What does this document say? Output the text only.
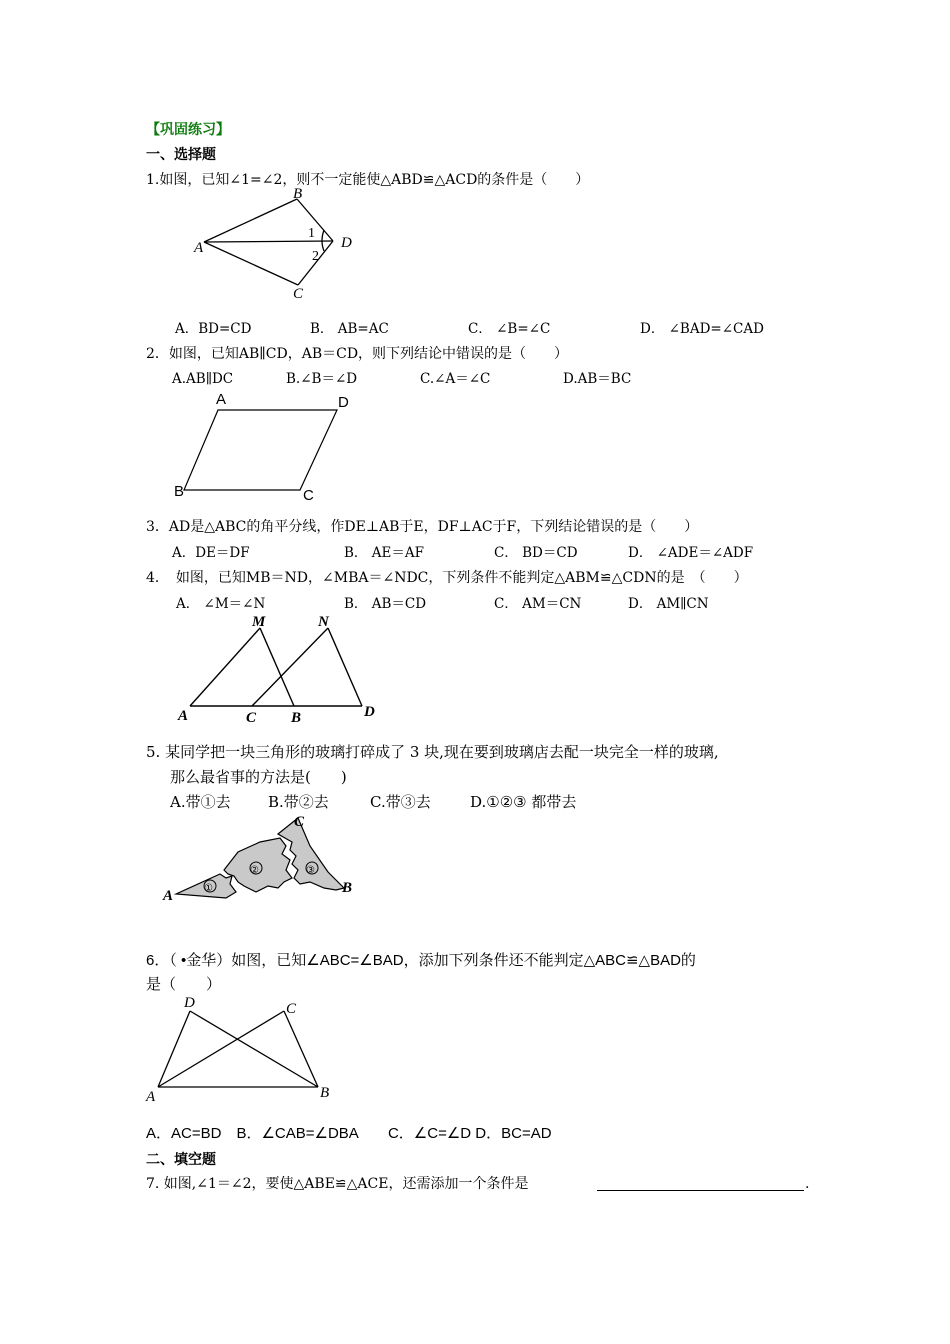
【巩固练习】
一、选择题
1.如图，已知∠1=∠2，则不一定能使△ABD≌△ACD的条件是（　　）
A
B
C
D
1
2
A．BD=CD	B． AB=AC	C． ∠B=∠C	D． ∠BAD=∠CAD
2．如图，已知AB∥CD，AB＝CD，则下列结论中错误的是（　　）
A.AB∥DC	B.∠B＝∠D	C.∠A＝∠C	D.AB＝BC
A	D
B	C
3．AD是△ABC的角平分线，作DE⊥AB于E，DF⊥AC于F，下列结论错误的是（　　）
A．DE＝DF	B． AE＝AF	C． BD＝CD	D． ∠ADE＝∠ADF
4．　如图，已知MB＝ND，∠MBA＝∠NDC，下列条件不能判定△ABM≌△CDN的是　（　　）
A． ∠M＝∠N	B． AB＝CD	C． AM＝CN	D． AM∥CN
M	N
A	C B	D
5. 某同学把一块三角形的玻璃打碎成了 3 块,现在要到玻璃店去配一块完全一样的玻璃,
那么最省事的方法是(　　)
A.带①去 B.带②去	C.带③去	D.①②③ 都带去
①
②	③
A
C
B
6．（ •金华）如图，已知∠ABC=∠BAD，添加下列条件还不能判定△ABC≌△BAD的
是（　　）
D	C
A	B
A．AC=BD　B．∠CAB=∠DBA　　C．∠C=∠D D．BC=AD
二、填空题
7. 如图,∠1＝∠2，要使△ABE≌△ACE，还需添加一个条件是	.
